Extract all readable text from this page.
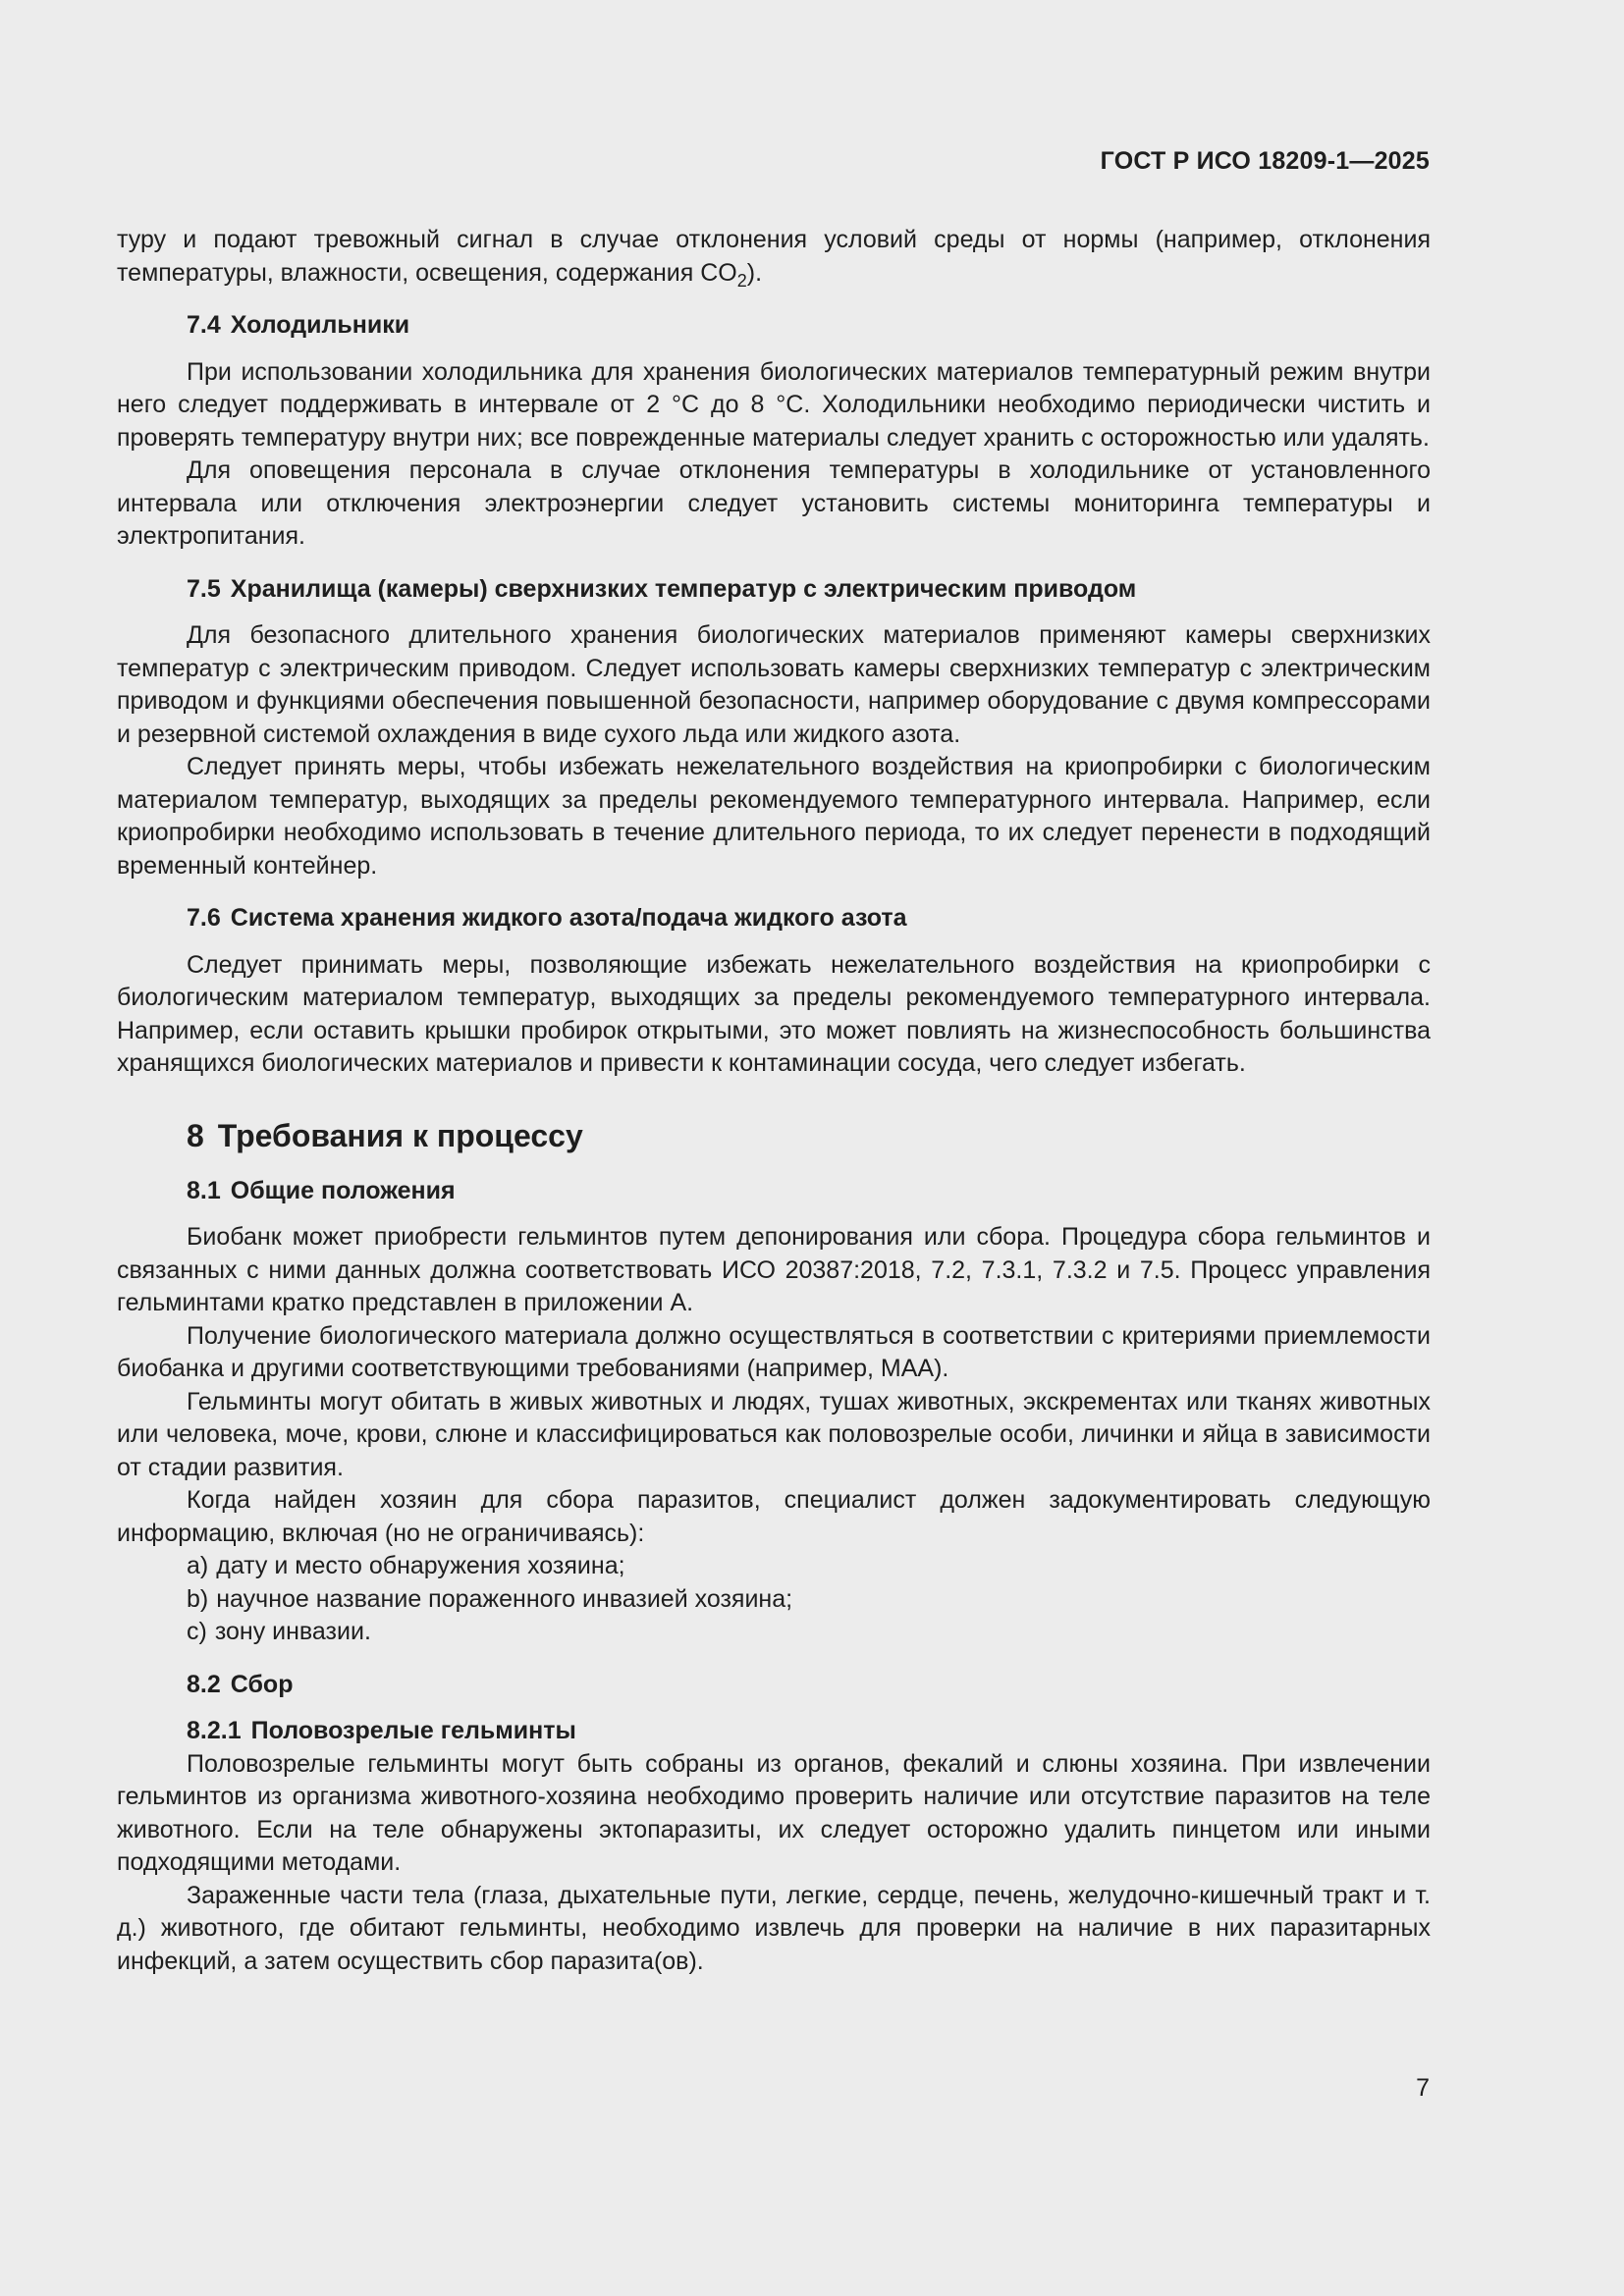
ГОСТ Р ИСО 18209-1—2025

туру и подают тревожный сигнал в случае отклонения условий среды от нормы (например, отклонения температуры, влажности, освещения, содержания $CO_2$).

7.4 Холодильники

При использовании холодильника для хранения биологических материалов температурный режим внутри него следует поддерживать в интервале от 2 °С до 8 °С. Холодильники необходимо периодически чистить и проверять температуру внутри них; все поврежденные материалы следует хранить с осторожностью или удалять.

Для оповещения персонала в случае отклонения температуры в холодильнике от установленного интервала или отключения электроэнергии следует установить системы мониторинга температуры и электропитания.

7.5 Хранилища (камеры) сверхнизких температур с электрическим приводом

Для безопасного длительного хранения биологических материалов применяют камеры сверхнизких температур с электрическим приводом. Следует использовать камеры сверхнизких температур с электрическим приводом и функциями обеспечения повышенной безопасности, например оборудование с двумя компрессорами и резервной системой охлаждения в виде сухого льда или жидкого азота.

Следует принять меры, чтобы избежать нежелательного воздействия на криопробирки с биологическим материалом температур, выходящих за пределы рекомендуемого температурного интервала. Например, если криопробирки необходимо использовать в течение длительного периода, то их следует перенести в подходящий временный контейнер.

7.6 Система хранения жидкого азота/подача жидкого азота

Следует принимать меры, позволяющие избежать нежелательного воздействия на криопробирки с биологическим материалом температур, выходящих за пределы рекомендуемого температурного интервала. Например, если оставить крышки пробирок открытыми, это может повлиять на жизнеспособность большинства хранящихся биологических материалов и привести к контаминации сосуда, чего следует избегать.

8 Требования к процессу
8.1 Общие положения

Биобанк может приобрести гельминтов путем депонирования или сбора. Процедура сбора гельминтов и связанных с ними данных должна соответствовать ИСО 20387:2018, 7.2, 7.3.1, 7.3.2 и 7.5. Процесс управления гельминтами кратко представлен в приложении А.

Получение биологического материала должно осуществляться в соответствии с критериями приемлемости биобанка и другими соответствующими требованиями (например, МАА).

Гельминты могут обитать в живых животных и людях, тушах животных, экскрементах или тканях животных или человека, моче, крови, слюне и классифицироваться как половозрелые особи, личинки и яйца в зависимости от стадии развития.

Когда найден хозяин для сбора паразитов, специалист должен задокументировать следующую информацию, включая (но не ограничиваясь):

a) дату и место обнаружения хозяина;
b) научное название пораженного инвазией хозяина;
c) зону инвазии.
8.2 Сбор
8.2.1 Половозрелые гельминты

Половозрелые гельминты могут быть собраны из органов, фекалий и слюны хозяина. При извлечении гельминтов из организма животного-хозяина необходимо проверить наличие или отсутствие паразитов на теле животного. Если на теле обнаружены эктопаразиты, их следует осторожно удалить пинцетом или иными подходящими методами.

Зараженные части тела (глаза, дыхательные пути, легкие, сердце, печень, желудочно-кишечный тракт и т. д.) животного, где обитают гельминты, необходимо извлечь для проверки на наличие в них паразитарных инфекций, а затем осуществить сбор паразита(ов).

7
